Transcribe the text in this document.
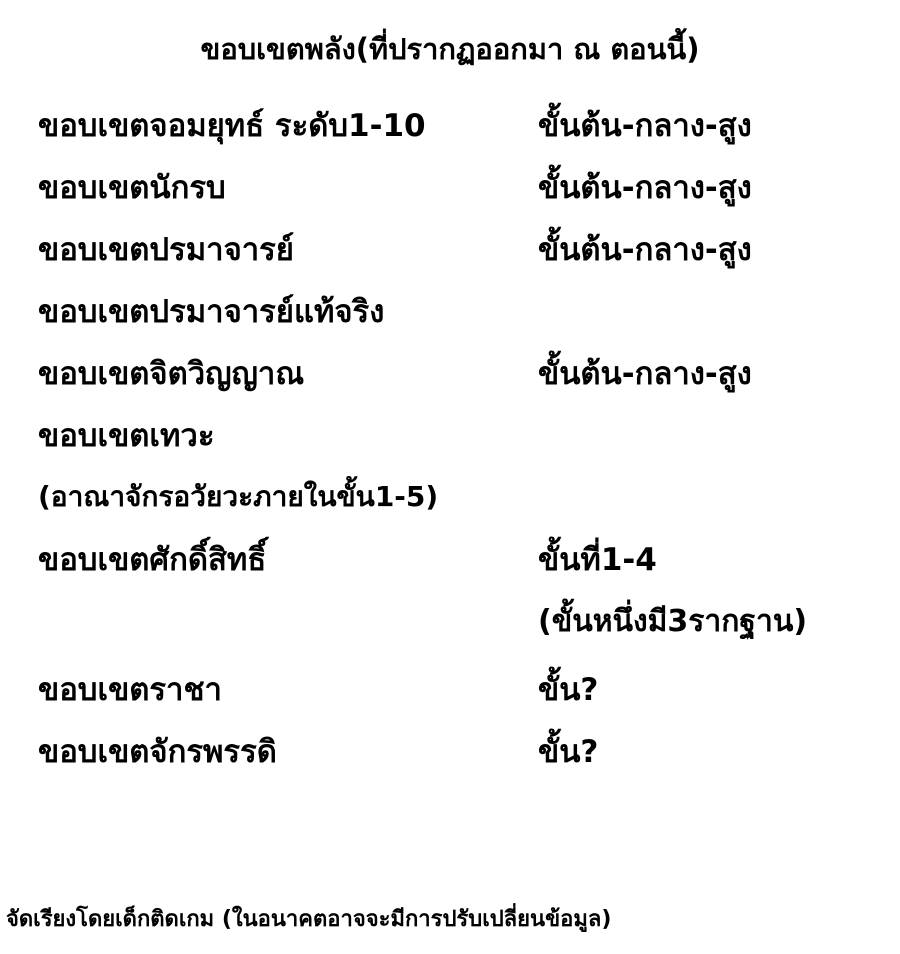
ขอบเขตพลัง(ที่ปรากฏออกมา ณ ตอนนี้)
ขอบเขตจอมยุทธ์ ระดับ1-10	ขั้นต้น-กลาง-สูง
ขอบเขตนักรบ	ขั้นต้น-กลาง-สูง
ขอบเขตปรมาจารย์	ขั้นต้น-กลาง-สูง
ขอบเขตปรมาจารย์แท้จริง
ขอบเขตจิตวิญญาณ	ขั้นต้น-กลาง-สูง
ขอบเขตเทวะ
(อาณาจักรอวัยวะภายในขั้น1-5)
ขอบเขตศักดิ์สิทธิ์	ขั้นที่1-4
(ขั้นหนึ่งมี3รากฐาน)
ขอบเขตราชา	ขั้น?
ขอบเขตจักรพรรดิ	ขั้น?
จัดเรียงโดยเด็กติดเกม (ในอนาคตอาจจะมีการปรับเปลี่ยนข้อมูล)
